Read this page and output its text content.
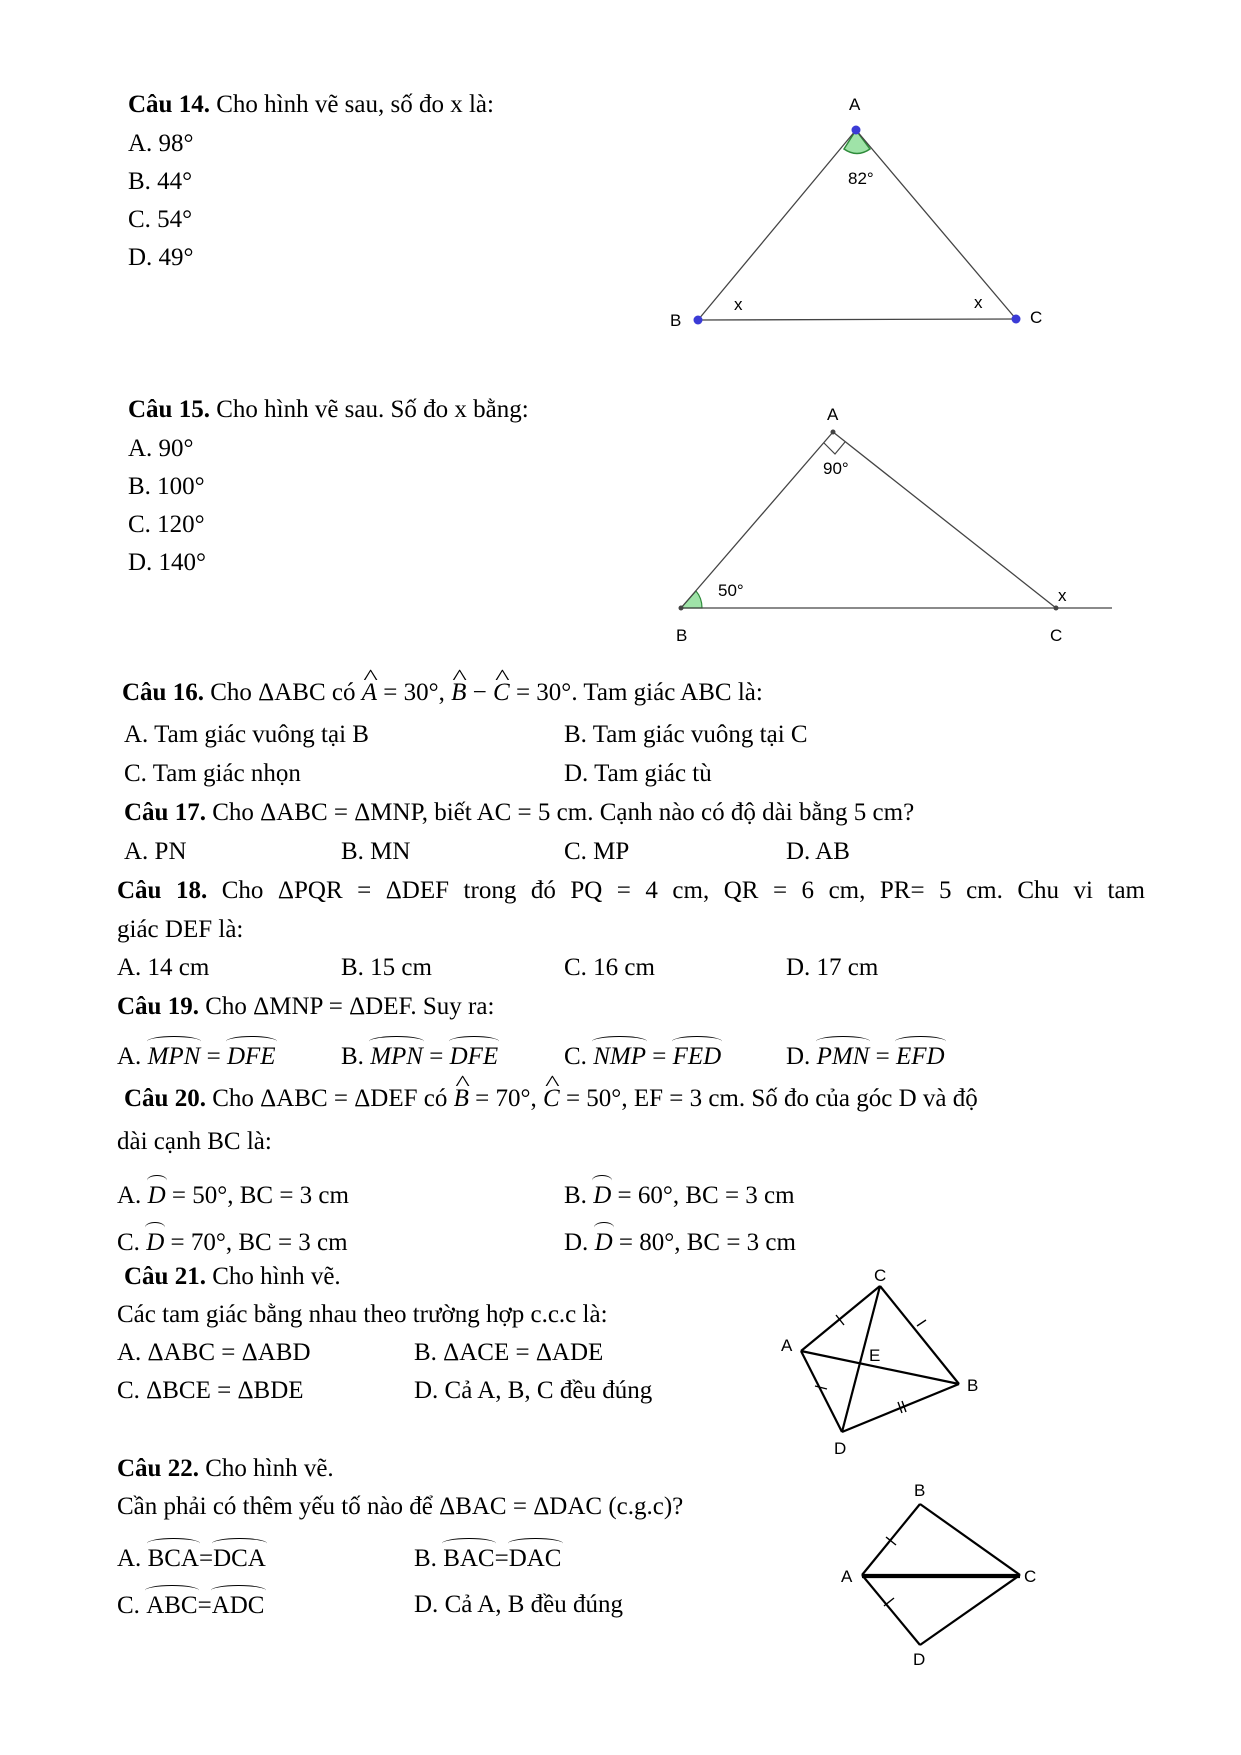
Câu 14. Cho hình vẽ sau, số đo x là:
A. 98°
B. 44°
C. 54°
D. 49°
A
B	C
82°
x	x
Câu 15. Cho hình vẽ sau. Số đo x bằng:
A. 90°
B. 100°
C. 120°
D. 140°
A
B	C
90°
50°	x
Câu 16. Cho ΔABC có ^ A = 30°, ^ B − ^ C = 30°. Tam giác ABC là:
A. Tam giác vuông tại B	B. Tam giác vuông tại C
C. Tam giác nhọn	D. Tam giác tù
Câu 17. Cho ΔABC = ΔMNP, biết AC = 5 cm. Cạnh nào có độ dài bằng 5 cm?
A. PN	B. MN	C. MP	D. AB
Câu 18. Cho ΔPQR = ΔDEF trong đó PQ = 4 cm, QR = 6 cm, PR= 5 cm. Chu vi tam
giác DEF là:
A. 14 cm	B. 15 cm	C. 16 cm	D. 17 cm
Câu 19. Cho ΔMNP = ΔDEF. Suy ra:
A. MPN = DFE	B. MPN = DFE	C. NMP = FED	D. PMN = EFD
Câu 20. Cho ΔABC = ΔDEF có ^ B = 70°, ^ C = 50°, EF = 3 cm. Số đo của góc D và độ
dài cạnh BC là:
A. D = 50°, BC = 3 cm	B. D = 60°, BC = 3 cm
C. D = 70°, BC = 3 cm	D. D = 80°, BC = 3 cm
Câu 21. Cho hình vẽ.
Các tam giác bằng nhau theo trường hợp c.c.c là:
A. ΔABC = ΔABD	B. ΔACE = ΔADE
C. ΔBCE = ΔBDE	D. Cả A, B, C đều đúng
C
A
E
B
D
Câu 22. Cho hình vẽ.
Cần phải có thêm yếu tố nào để ΔBAC = ΔDAC (c.g.c)?
A. BCA=DCA	B. BAC=DAC
C. ABC=ADC	D. Cả A, B đều đúng
B
A	C
D
